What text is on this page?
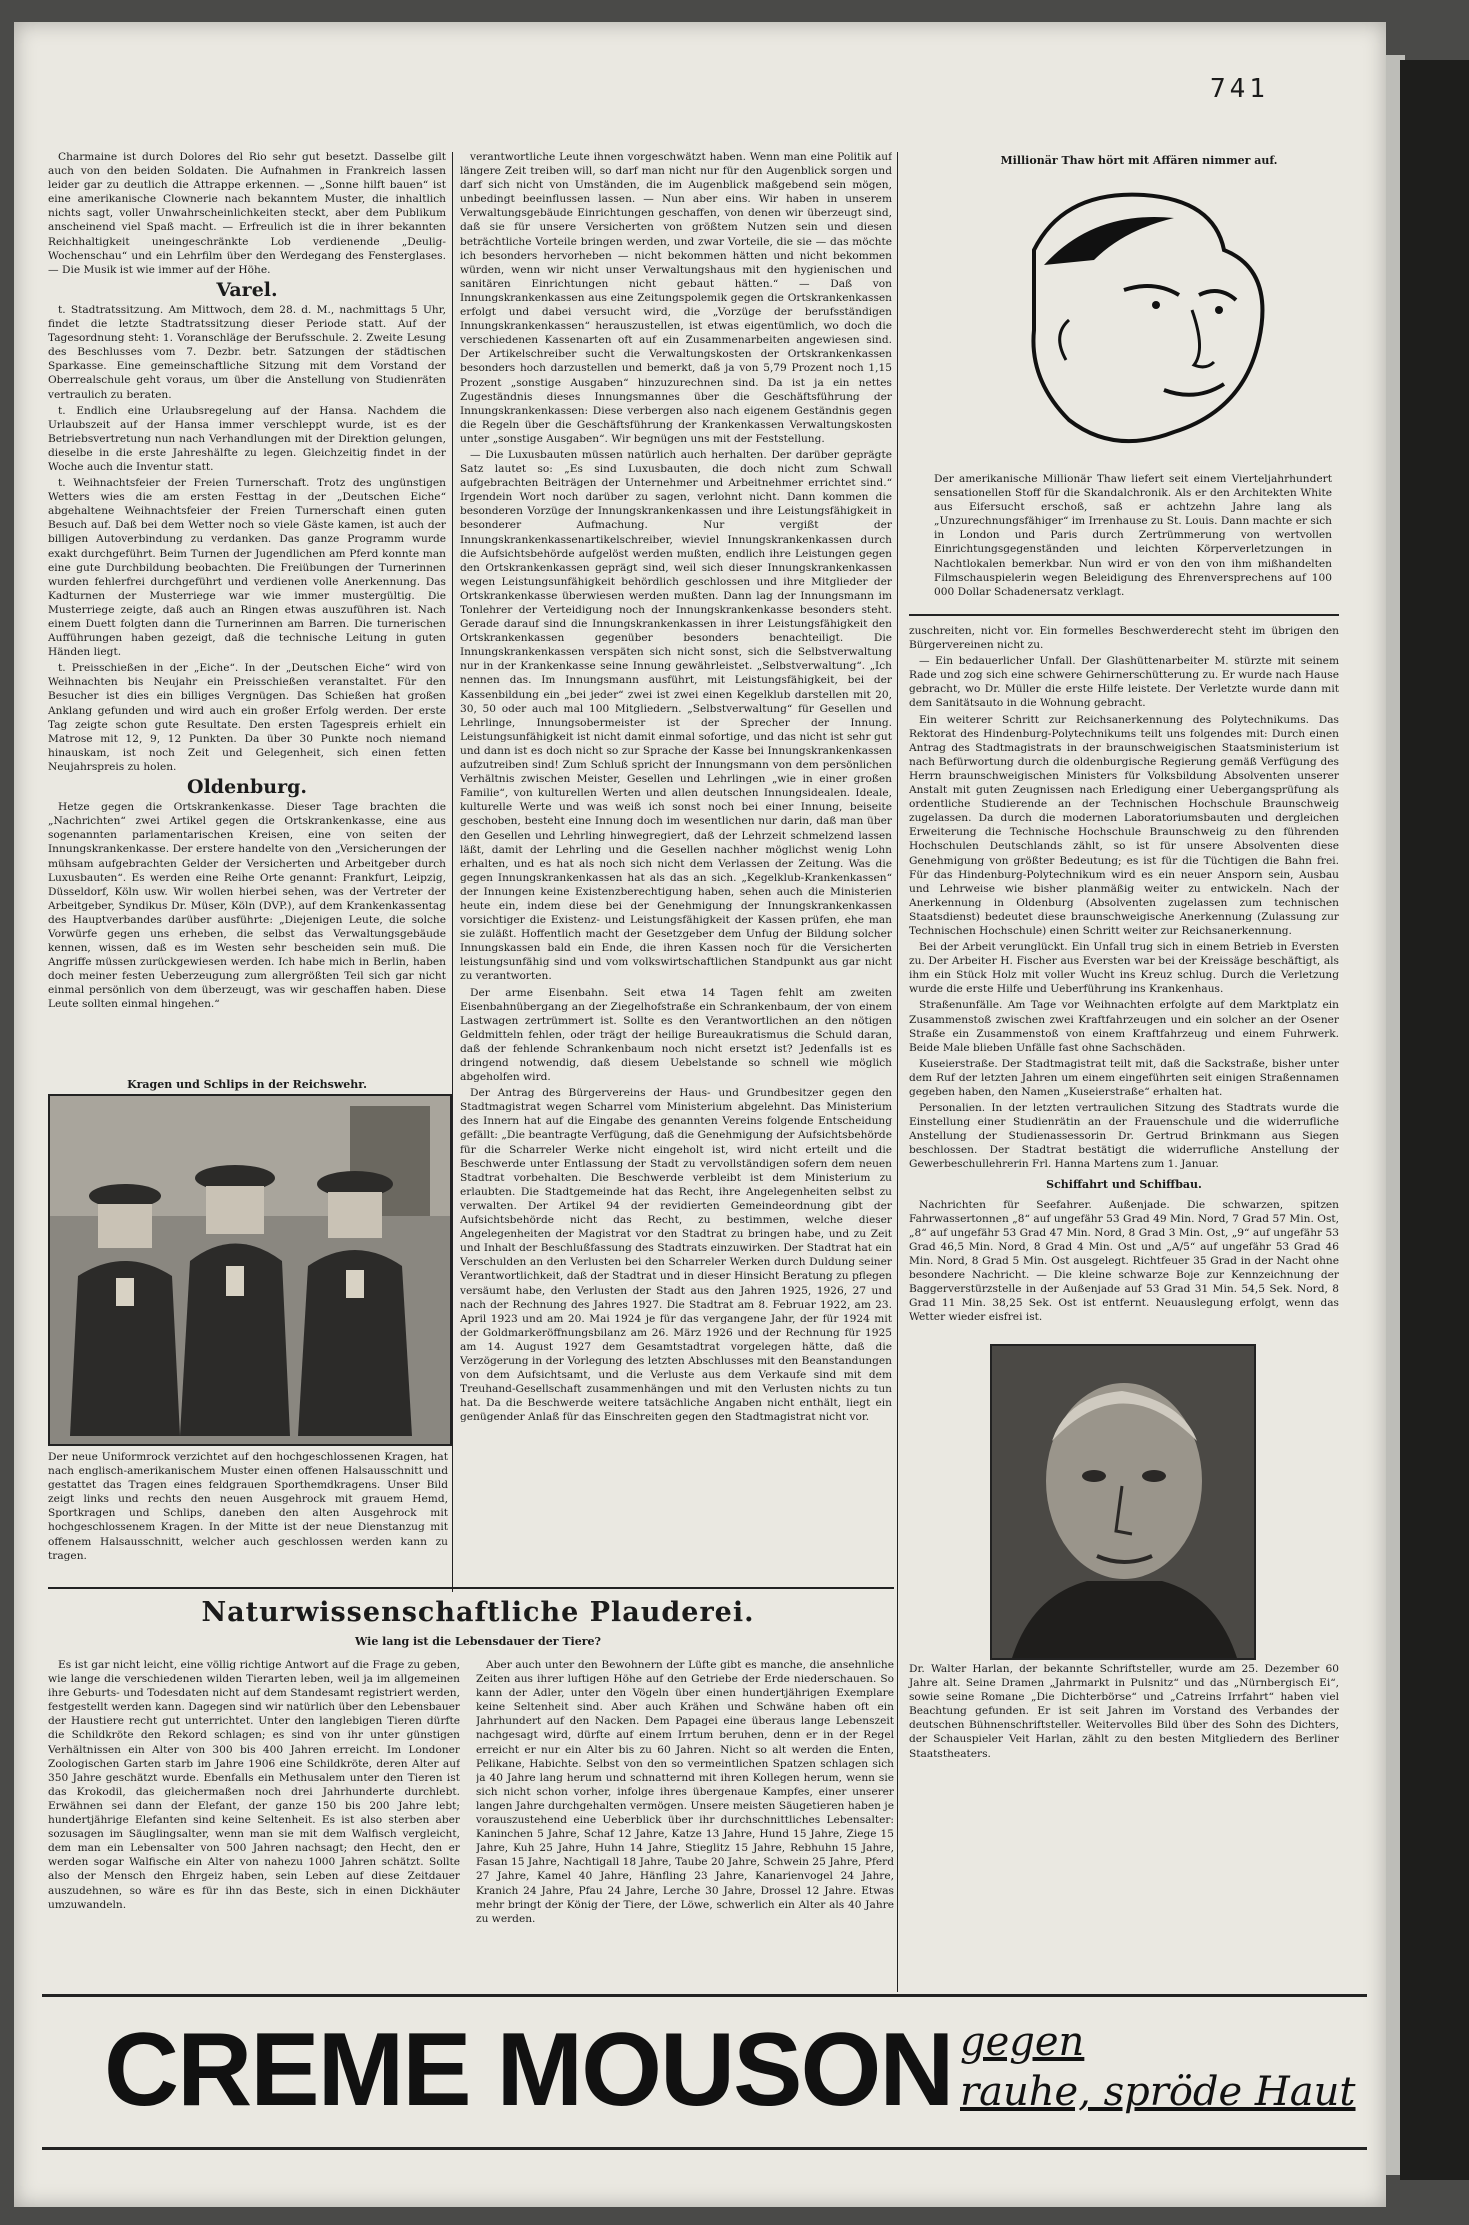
741

Charmaine ist durch Dolores del Rio sehr gut besetzt. Dasselbe gilt auch von den beiden Soldaten. Die Aufnahmen in Frankreich lassen leider gar zu deutlich die Attrappe erkennen. — „Sonne hilft bauen“ ist eine amerikanische Clownerie nach bekanntem Muster, die inhaltlich nichts sagt, voller Unwahrscheinlichkeiten steckt, aber dem Publikum anscheinend viel Spaß macht. — Erfreulich ist die in ihrer bekannten Reichhaltigkeit uneingeschränkte Lob verdienende „Deulig-Wochenschau“ und ein Lehrfilm über den Werdegang des Fensterglases. — Die Musik ist wie immer auf der Höhe.

Varel.

t. Stadtratssitzung. Am Mittwoch, dem 28. d. M., nachmittags 5 Uhr, findet die letzte Stadtratssitzung dieser Periode statt. Auf der Tagesordnung steht: 1. Voranschläge der Berufsschule. 2. Zweite Lesung des Beschlusses vom 7. Dezbr. betr. Satzungen der städtischen Sparkasse. Eine gemeinschaftliche Sitzung mit dem Vorstand der Oberrealschule geht voraus, um über die Anstellung von Studienräten vertraulich zu beraten.

t. Endlich eine Urlaubsregelung auf der Hansa. Nachdem die Urlaubszeit auf der Hansa immer verschleppt wurde, ist es der Betriebsvertretung nun nach Verhandlungen mit der Direktion gelungen, dieselbe in die erste Jahreshälfte zu legen. Gleichzeitig findet in der Woche auch die Inventur statt.

t. Weihnachtsfeier der Freien Turnerschaft. Trotz des ungünstigen Wetters wies die am ersten Festtag in der „Deutschen Eiche“ abgehaltene Weihnachtsfeier der Freien Turnerschaft einen guten Besuch auf. Daß bei dem Wetter noch so viele Gäste kamen, ist auch der billigen Autoverbindung zu verdanken. Das ganze Programm wurde exakt durchgeführt. Beim Turnen der Jugendlichen am Pferd konnte man eine gute Durchbildung beobachten. Die Freiübungen der Turnerinnen wurden fehlerfrei durchgeführt und verdienen volle Anerkennung. Das Kadturnen der Musterriege war wie immer mustergültig. Die Musterriege zeigte, daß auch an Ringen etwas auszuführen ist. Nach einem Duett folgten dann die Turnerinnen am Barren. Die turnerischen Aufführungen haben gezeigt, daß die technische Leitung in guten Händen liegt.

t. Preisschießen in der „Eiche“. In der „Deutschen Eiche“ wird von Weihnachten bis Neujahr ein Preisschießen veranstaltet. Für den Besucher ist dies ein billiges Vergnügen. Das Schießen hat großen Anklang gefunden und wird auch ein großer Erfolg werden. Der erste Tag zeigte schon gute Resultate. Den ersten Tagespreis erhielt ein Matrose mit 12, 9, 12 Punkten. Da über 30 Punkte noch niemand hinauskam, ist noch Zeit und Gelegenheit, sich einen fetten Neujahrspreis zu holen.

Oldenburg.

Hetze gegen die Ortskrankenkasse. Dieser Tage brachten die „Nachrichten“ zwei Artikel gegen die Ortskrankenkasse, eine aus sogenannten parlamentarischen Kreisen, eine von seiten der Innungskrankenkasse. Der erstere handelte von den „Versicherungen der mühsam aufgebrachten Gelder der Versicherten und Arbeitgeber durch Luxusbauten“. Es werden eine Reihe Orte genannt: Frankfurt, Leipzig, Düsseldorf, Köln usw. Wir wollen hierbei sehen, was der Vertreter der Arbeitgeber, Syndikus Dr. Müser, Köln (DVP.), auf dem Krankenkassentag des Hauptverbandes darüber ausführte: „Diejenigen Leute, die solche Vorwürfe gegen uns erheben, die selbst das Verwaltungsgebäude kennen, wissen, daß es im Westen sehr bescheiden sein muß. Die Angriffe müssen zurückgewiesen werden. Ich habe mich in Berlin, haben doch meiner festen Ueberzeugung zum allergrößten Teil sich gar nicht einmal persönlich von dem überzeugt, was wir geschaffen haben. Diese Leute sollten einmal hingehen.“

Kragen und Schlips in der Reichswehr.
Der neue Uniformrock verzichtet auf den hochgeschlossenen Kragen, hat nach englisch-amerikanischem Muster einen offenen Halsausschnitt und gestattet das Tragen eines feldgrauen Sporthemdkragens. Unser Bild zeigt links und rechts den neuen Ausgehrock mit grauem Hemd, Sportkragen und Schlips, daneben den alten Ausgehrock mit hochgeschlossenem Kragen. In der Mitte ist der neue Dienstanzug mit offenem Halsausschnitt, welcher auch geschlossen werden kann zu tragen.

verantwortliche Leute ihnen vorgeschwätzt haben. Wenn man eine Politik auf längere Zeit treiben will, so darf man nicht nur für den Augenblick sorgen und darf sich nicht von Umständen, die im Augenblick maßgebend sein mögen, unbedingt beeinflussen lassen. — Nun aber eins. Wir haben in unserem Verwaltungsgebäude Einrichtungen geschaffen, von denen wir überzeugt sind, daß sie für unsere Versicherten von größtem Nutzen sein und diesen beträchtliche Vorteile bringen werden, und zwar Vorteile, die sie — das möchte ich besonders hervorheben — nicht bekommen hätten und nicht bekommen würden, wenn wir nicht unser Verwaltungshaus mit den hygienischen und sanitären Einrichtungen nicht gebaut hätten.“ — Daß von Innungskrankenkassen aus eine Zeitungspolemik gegen die Ortskrankenkassen erfolgt und dabei versucht wird, die „Vorzüge der berufsständigen Innungskrankenkassen“ herauszustellen, ist etwas eigentümlich, wo doch die verschiedenen Kassenarten oft auf ein Zusammenarbeiten angewiesen sind. Der Artikelschreiber sucht die Verwaltungskosten der Ortskrankenkassen besonders hoch darzustellen und bemerkt, daß ja von 5,79 Prozent noch 1,15 Prozent „sonstige Ausgaben“ hinzuzurechnen sind. Da ist ja ein nettes Zugeständnis dieses Innungsmannes über die Geschäftsführung der Innungskrankenkassen: Diese verbergen also nach eigenem Geständnis gegen die Regeln über die Geschäftsführung der Krankenkassen Verwaltungskosten unter „sonstige Ausgaben“. Wir begnügen uns mit der Feststellung.

— Die Luxusbauten müssen natürlich auch herhalten. Der darüber geprägte Satz lautet so: „Es sind Luxusbauten, die doch nicht zum Schwall aufgebrachten Beiträgen der Unternehmer und Arbeitnehmer errichtet sind.“ Irgendein Wort noch darüber zu sagen, verlohnt nicht. Dann kommen die besonderen Vorzüge der Innungskrankenkassen und ihre Leistungsfähigkeit in besonderer Aufmachung. Nur vergißt der Innungskrankenkassenartikelschreiber, wieviel Innungskrankenkassen durch die Aufsichtsbehörde aufgelöst werden mußten, endlich ihre Leistungen gegen den Ortskrankenkassen geprägt sind, weil sich dieser Innungskrankenkassen wegen Leistungsunfähigkeit behördlich geschlossen und ihre Mitglieder der Ortskrankenkasse überwiesen werden mußten. Dann lag der Innungsmann im Tonlehrer der Verteidigung noch der Innungskrankenkasse besonders steht. Gerade darauf sind die Innungskrankenkassen in ihrer Leistungsfähigkeit den Ortskrankenkassen gegenüber besonders benachteiligt. Die Innungskrankenkassen verspäten sich nicht sonst, sich die Selbstverwaltung nur in der Krankenkasse seine Innung gewährleistet. „Selbstverwaltung“. „Ich nennen das. Im Innungsmann ausführt, mit Leistungsfähigkeit, bei der Kassenbildung ein „bei jeder“ zwei ist zwei einen Kegelklub darstellen mit 20, 30, 50 oder auch mal 100 Mitgliedern. „Selbstverwaltung“ für Gesellen und Lehrlinge, Innungsobermeister ist der Sprecher der Innung. Leistungsunfähigkeit ist nicht damit einmal sofortige, und das nicht ist sehr gut und dann ist es doch nicht so zur Sprache der Kasse bei Innungskrankenkassen aufzutreiben sind! Zum Schluß spricht der Innungsmann von dem persönlichen Verhältnis zwischen Meister, Gesellen und Lehrlingen „wie in einer großen Familie“, von kulturellen Werten und allen deutschen Innungsidealen. Ideale, kulturelle Werte und was weiß ich sonst noch bei einer Innung, beiseite geschoben, besteht eine Innung doch im wesentlichen nur darin, daß man über den Gesellen und Lehrling hinwegregiert, daß der Lehrzeit schmelzend lassen läßt, damit der Lehrling und die Gesellen nachher möglichst wenig Lohn erhalten, und es hat als noch sich nicht dem Verlassen der Zeitung. Was die gegen Innungskrankenkassen hat als das an sich. „Kegelklub-Krankenkassen“ der Innungen keine Existenzberechtigung haben, sehen auch die Ministerien heute ein, indem diese bei der Genehmigung der Innungskrankenkassen vorsichtiger die Existenz- und Leistungsfähigkeit der Kassen prüfen, ehe man sie zuläßt. Hoffentlich macht der Gesetzgeber dem Unfug der Bildung solcher Innungskassen bald ein Ende, die ihren Kassen noch für die Versicherten leistungsunfähig sind und vom volkswirtschaftlichen Standpunkt aus gar nicht zu verantworten.

Der arme Eisenbahn. Seit etwa 14 Tagen fehlt am zweiten Eisenbahnübergang an der Ziegelhofstraße ein Schrankenbaum, der von einem Lastwagen zertrümmert ist. Sollte es den Verantwortlichen an den nötigen Geldmitteln fehlen, oder trägt der heilige Bureaukratismus die Schuld daran, daß der fehlende Schrankenbaum noch nicht ersetzt ist? Jedenfalls ist es dringend notwendig, daß diesem Uebelstande so schnell wie möglich abgeholfen wird.

Der Antrag des Bürgervereins der Haus- und Grundbesitzer gegen den Stadtmagistrat wegen Scharrel vom Ministerium abgelehnt. Das Ministerium des Innern hat auf die Eingabe des genannten Vereins folgende Entscheidung gefällt: „Die beantragte Verfügung, daß die Genehmigung der Aufsichtsbehörde für die Scharreler Werke nicht eingeholt ist, wird nicht erteilt und die Beschwerde unter Entlassung der Stadt zu vervollständigen sofern dem neuen Stadtrat vorbehalten. Die Beschwerde verbleibt ist dem Ministerium zu erlaubten. Die Stadtgemeinde hat das Recht, ihre Angelegenheiten selbst zu verwalten. Der Artikel 94 der revidierten Gemeindeordnung gibt der Aufsichtsbehörde nicht das Recht, zu bestimmen, welche dieser Angelegenheiten der Magistrat vor den Stadtrat zu bringen habe, und zu Zeit und Inhalt der Beschlußfassung des Stadtrats einzuwirken. Der Stadtrat hat ein Verschulden an den Verlusten bei den Scharreler Werken durch Duldung seiner Verantwortlichkeit, daß der Stadtrat und in dieser Hinsicht Beratung zu pflegen versäumt habe, den Verlusten der Stadt aus den Jahren 1925, 1926, 27 und nach der Rechnung des Jahres 1927. Die Stadtrat am 8. Februar 1922, am 23. April 1923 und am 20. Mai 1924 je für das vergangene Jahr, der für 1924 mit der Goldmarkeröffnungsbilanz am 26. März 1926 und der Rechnung für 1925 am 14. August 1927 dem Gesamtstadtrat vorgelegen hätte, daß die Verzögerung in der Vorlegung des letzten Abschlusses mit den Beanstandungen von dem Aufsichtsamt, und die Verluste aus dem Verkaufe sind mit dem Treuhand-Gesellschaft zusammenhängen und mit den Verlusten nichts zu tun hat. Da die Beschwerde weitere tatsächliche Angaben nicht enthält, liegt ein genügender Anlaß für das Einschreiten gegen den Stadtmagistrat nicht vor.

Millionär Thaw hört mit Affären nimmer auf.
Der amerikanische Millionär Thaw liefert seit einem Vierteljahrhundert sensationellen Stoff für die Skandalchronik. Als er den Architekten White aus Eifersucht erschoß, saß er achtzehn Jahre lang als „Unzurechnungsfähiger“ im Irrenhause zu St. Louis. Dann machte er sich in London und Paris durch Zertrümmerung von wertvollen Einrichtungsgegenständen und leichten Körperverletzungen in Nachtlokalen bemerkbar. Nun wird er von den von ihm mißhandelten Filmschauspielerin wegen Beleidigung des Ehrenversprechens auf 100 000 Dollar Schadenersatz verklagt.

zuschreiten, nicht vor. Ein formelles Beschwerderecht steht im übrigen den Bürgervereinen nicht zu.

— Ein bedauerlicher Unfall. Der Glashüttenarbeiter M. stürzte mit seinem Rade und zog sich eine schwere Gehirnerschütterung zu. Er wurde nach Hause gebracht, wo Dr. Müller die erste Hilfe leistete. Der Verletzte wurde dann mit dem Sanitätsauto in die Wohnung gebracht.

Ein weiterer Schritt zur Reichsanerkennung des Polytechnikums. Das Rektorat des Hindenburg-Polytechnikums teilt uns folgendes mit: Durch einen Antrag des Stadtmagistrats in der braunschweigischen Staatsministerium ist nach Befürwortung durch die oldenburgische Regierung gemäß Verfügung des Herrn braunschweigischen Ministers für Volksbildung Absolventen unserer Anstalt mit guten Zeugnissen nach Erledigung einer Uebergangsprüfung als ordentliche Studierende an der Technischen Hochschule Braunschweig zugelassen. Da durch die modernen Laboratoriumsbauten und dergleichen Erweiterung die Technische Hochschule Braunschweig zu den führenden Hochschulen Deutschlands zählt, so ist für unsere Absolventen diese Genehmigung von größter Bedeutung; es ist für die Tüchtigen die Bahn frei. Für das Hindenburg-Polytechnikum wird es ein neuer Ansporn sein, Ausbau und Lehrweise wie bisher planmäßig weiter zu entwickeln. Nach der Anerkennung in Oldenburg (Absolventen zugelassen zum technischen Staatsdienst) bedeutet diese braunschweigische Anerkennung (Zulassung zur Technischen Hochschule) einen Schritt weiter zur Reichsanerkennung.

Bei der Arbeit verunglückt. Ein Unfall trug sich in einem Betrieb in Eversten zu. Der Arbeiter H. Fischer aus Eversten war bei der Kreissäge beschäftigt, als ihm ein Stück Holz mit voller Wucht ins Kreuz schlug. Durch die Verletzung wurde die erste Hilfe und Ueberführung ins Krankenhaus.

Straßenunfälle. Am Tage vor Weihnachten erfolgte auf dem Marktplatz ein Zusammenstoß zwischen zwei Kraftfahrzeugen und ein solcher an der Osener Straße ein Zusammenstoß von einem Kraftfahrzeug und einem Fuhrwerk. Beide Male blieben Unfälle fast ohne Sachschäden.

Kuseierstraße. Der Stadtmagistrat teilt mit, daß die Sackstraße, bisher unter dem Ruf der letzten Jahren um einem eingeführten seit einigen Straßennamen gegeben haben, den Namen „Kuseierstraße“ erhalten hat.

Personalien. In der letzten vertraulichen Sitzung des Stadtrats wurde die Einstellung einer Studienrätin an der Frauenschule und die widerrufliche Anstellung der Studienassessorin Dr. Gertrud Brinkmann aus Siegen beschlossen. Der Stadtrat bestätigt die widerrufliche Anstellung der Gewerbeschullehrerin Frl. Hanna Martens zum 1. Januar.

Schiffahrt und Schiffbau.

Nachrichten für Seefahrer. Außenjade. Die schwarzen, spitzen Fahrwassertonnen „8“ auf ungefähr 53 Grad 49 Min. Nord, 7 Grad 57 Min. Ost, „8“ auf ungefähr 53 Grad 47 Min. Nord, 8 Grad 3 Min. Ost, „9“ auf ungefähr 53 Grad 46,5 Min. Nord, 8 Grad 4 Min. Ost und „A/5“ auf ungefähr 53 Grad 46 Min. Nord, 8 Grad 5 Min. Ost ausgelegt. Richtfeuer 35 Grad in der Nacht ohne besondere Nachricht. — Die kleine schwarze Boje zur Kennzeichnung der Baggerverstürzstelle in der Außenjade auf 53 Grad 31 Min. 54,5 Sek. Nord, 8 Grad 11 Min. 38,25 Sek. Ost ist entfernt. Neuauslegung erfolgt, wenn das Wetter wieder eisfrei ist.

Dr. Walter Harlan, der bekannte Schriftsteller, wurde am 25. Dezember 60 Jahre alt. Seine Dramen „Jahrmarkt in Pulsnitz“ und das „Nürnbergisch Ei“, sowie seine Romane „Die Dichterbörse“ und „Catreins Irrfahrt“ haben viel Beachtung gefunden. Er ist seit Jahren im Vorstand des Verbandes der deutschen Bühnenschriftsteller. Weitervolles Bild über des Sohn des Dichters, der Schauspieler Veit Harlan, zählt zu den besten Mitgliedern des Berliner Staatstheaters.
Naturwissenschaftliche Plauderei.
Wie lang ist die Lebensdauer der Tiere?

Es ist gar nicht leicht, eine völlig richtige Antwort auf die Frage zu geben, wie lange die verschiedenen wilden Tierarten leben, weil ja im allgemeinen ihre Geburts- und Todesdaten nicht auf dem Standesamt registriert werden, festgestellt werden kann. Dagegen sind wir natürlich über den Lebensbauer der Haustiere recht gut unterrichtet. Unter den langlebigen Tieren dürfte die Schildkröte den Rekord schlagen; es sind von ihr unter günstigen Verhältnissen ein Alter von 300 bis 400 Jahren erreicht. Im Londoner Zoologischen Garten starb im Jahre 1906 eine Schildkröte, deren Alter auf 350 Jahre geschätzt wurde. Ebenfalls ein Methusalem unter den Tieren ist das Krokodil, das gleichermaßen noch drei Jahrhunderte durchlebt. Erwähnen sei dann der Elefant, der ganze 150 bis 200 Jahre lebt; hundertjährige Elefanten sind keine Seltenheit. Es ist also sterben aber sozusagen im Säuglingsalter, wenn man sie mit dem Walfisch vergleicht, dem man ein Lebensalter von 500 Jahren nachsagt; den Hecht, den er werden sogar Walfische ein Alter von nahezu 1000 Jahren schätzt. Sollte also der Mensch den Ehrgeiz haben, sein Leben auf diese Zeitdauer auszudehnen, so wäre es für ihn das Beste, sich in einen Dickhäuter umzuwandeln.

Aber auch unter den Bewohnern der Lüfte gibt es manche, die ansehnliche Zeiten aus ihrer luftigen Höhe auf den Getriebe der Erde niederschauen. So kann der Adler, unter den Vögeln über einen hundertjährigen Exemplare keine Seltenheit sind. Aber auch Krähen und Schwäne haben oft ein Jahrhundert auf den Nacken. Dem Papagei eine überaus lange Lebenszeit nachgesagt wird, dürfte auf einem Irrtum beruhen, denn er in der Regel erreicht er nur ein Alter bis zu 60 Jahren. Nicht so alt werden die Enten, Pelikane, Habichte. Selbst von den so vermeintlichen Spatzen schlagen sich ja 40 Jahre lang herum und schnatternd mit ihren Kollegen herum, wenn sie sich nicht schon vorher, infolge ihres übergenaue Kampfes, einer unserer langen Jahre durchgehalten vermögen. Unsere meisten Säugetieren haben je vorauszustehend eine Ueberblick über ihr durchschnittliches Lebensalter: Kaninchen 5 Jahre, Schaf 12 Jahre, Katze 13 Jahre, Hund 15 Jahre, Ziege 15 Jahre, Kuh 25 Jahre, Huhn 14 Jahre, Stieglitz 15 Jahre, Rebhuhn 15 Jahre, Fasan 15 Jahre, Nachtigall 18 Jahre, Taube 20 Jahre, Schwein 25 Jahre, Pferd 27 Jahre, Kamel 40 Jahre, Hänfling 23 Jahre, Kanarienvogel 24 Jahre, Kranich 24 Jahre, Pfau 24 Jahre, Lerche 30 Jahre, Drossel 12 Jahre. Etwas mehr bringt der König der Tiere, der Löwe, schwerlich ein Alter als 40 Jahre zu werden.

CREME MOUSON gegen
rauhe, spröde Haut
